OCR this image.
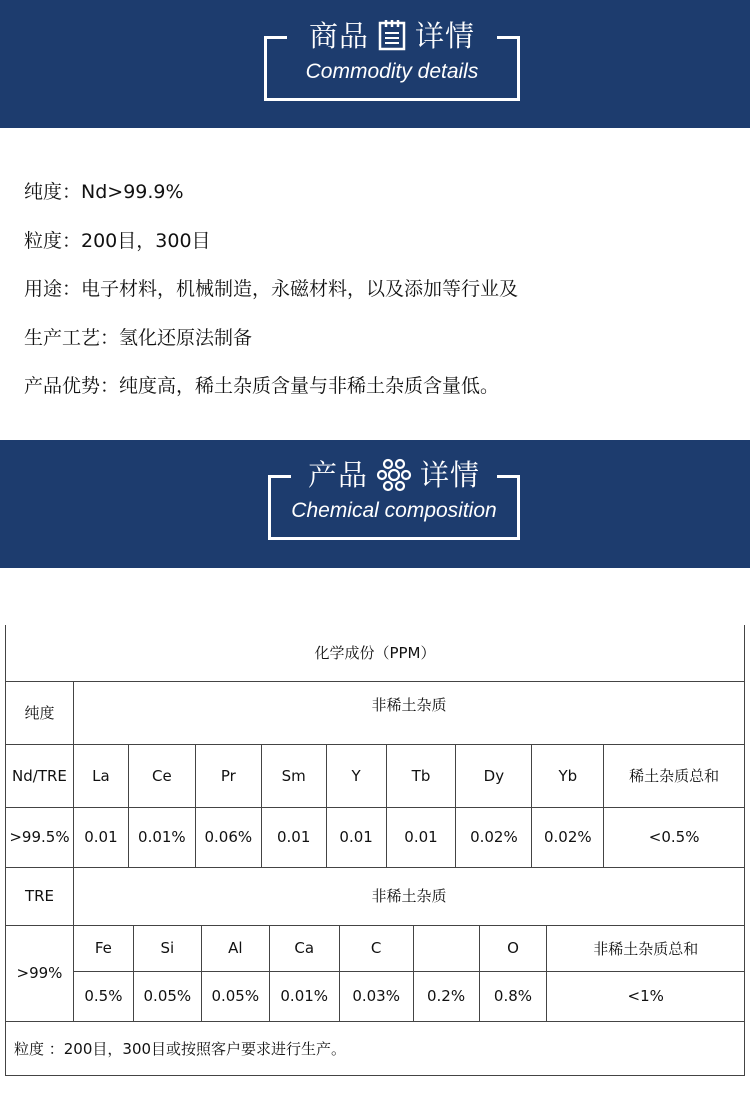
商品 详情
Commodity details
纯度：Nd>99.9%
粒度：200目，300目
用途：电子材料，机械制造，永磁材料，以及添加等行业及
生产工艺：氢化还原法制备
产品优势：纯度高，稀土杂质含量与非稀土杂质含量低。
产品 详情
Chemical composition
化学成份（PPM）									
纯度	非稀土杂质								
Nd/TRE	La	Ce	Pr	Sm	Y	Tb	Dy	Yb	稀土杂质总和
>99.5%	0.01	0.01%	0.06%	0.01	0.01	0.01	0.02%	0.02%	<0.5%
TRE	非稀土杂质							
>99%	Fe	Si	Al	Ca	C		O	非稀土杂质总和
	0.5%	0.05%	0.05%	0.01%	0.03%	0.2%	0.8%	<1%
粒度 ：200目，300目或按照客户要求进行生产。								
